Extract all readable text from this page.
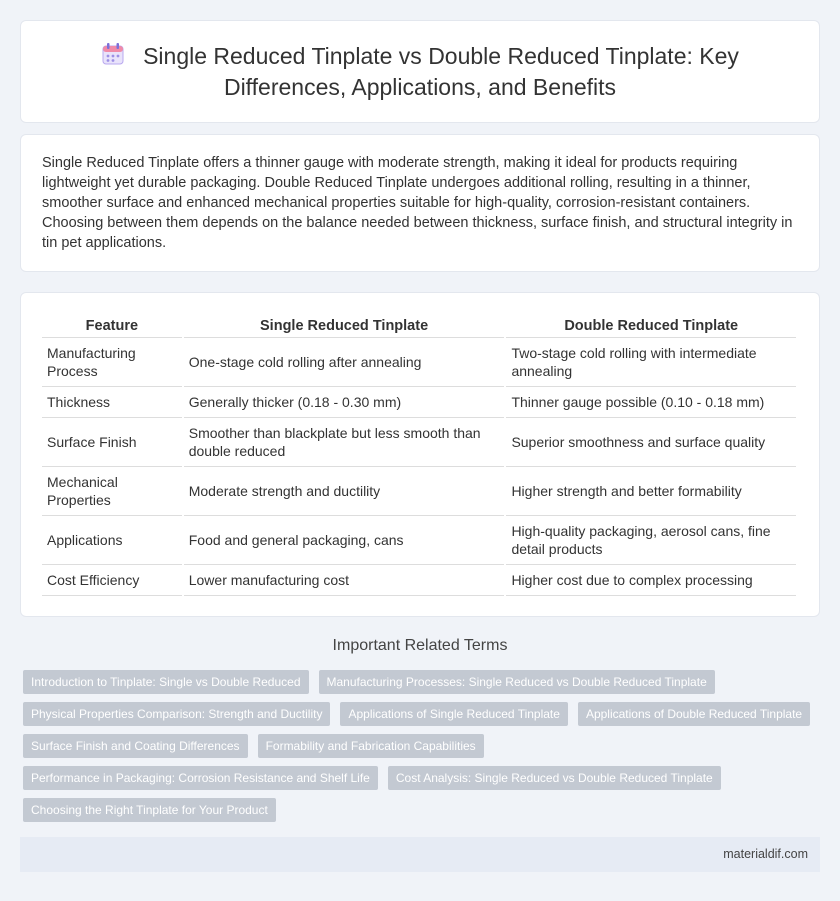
Single Reduced Tinplate vs Double Reduced Tinplate: Key Differences, Applications, and Benefits

Single Reduced Tinplate offers a thinner gauge with moderate strength, making it ideal for products requiring lightweight yet durable packaging. Double Reduced Tinplate undergoes additional rolling, resulting in a thinner, smoother surface and enhanced mechanical properties suitable for high-quality, corrosion-resistant containers. Choosing between them depends on the balance needed between thickness, surface finish, and structural integrity in tin pet applications.

Feature	Single Reduced Tinplate	Double Reduced Tinplate
Manufacturing Process	One-stage cold rolling after annealing	Two-stage cold rolling with intermediate annealing
Thickness	Generally thicker (0.18 - 0.30 mm)	Thinner gauge possible (0.10 - 0.18 mm)
Surface Finish	Smoother than blackplate but less smooth than double reduced	Superior smoothness and surface quality
Mechanical Properties	Moderate strength and ductility	Higher strength and better formability
Applications	Food and general packaging, cans	High-quality packaging, aerosol cans, fine detail products
Cost Efficiency	Lower manufacturing cost	Higher cost due to complex processing
Important Related Terms
Introduction to Tinplate: Single vs Double Reduced Manufacturing Processes: Single Reduced vs Double Reduced Tinplate
Physical Properties Comparison: Strength and Ductility Applications of Single Reduced Tinplate Applications of Double Reduced Tinplate
Surface Finish and Coating Differences Formability and Fabrication Capabilities
Performance in Packaging: Corrosion Resistance and Shelf Life Cost Analysis: Single Reduced vs Double Reduced Tinplate
Choosing the Right Tinplate for Your Product
materialdif.com
